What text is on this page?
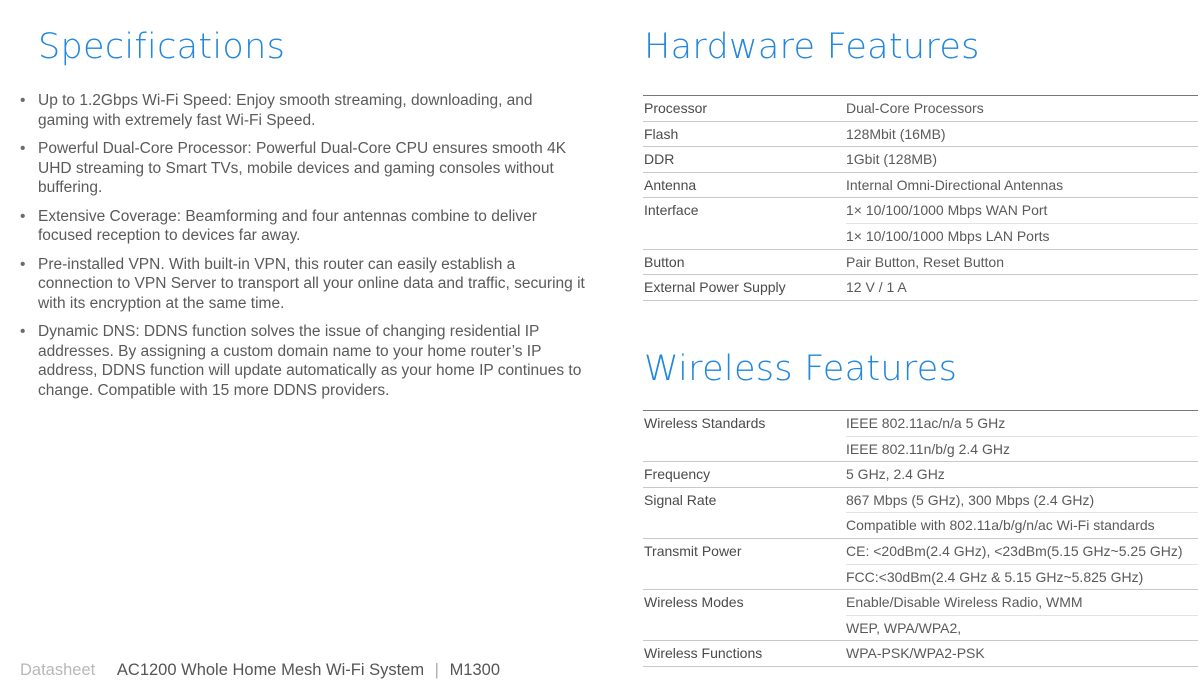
Specifications
• Up to 1.2Gbps Wi-Fi Speed: Enjoy smooth streaming, downloading, and gaming with extremely fast Wi-Fi Speed.
• Powerful Dual-Core Processor: Powerful Dual-Core CPU ensures smooth 4K UHD streaming to Smart TVs, mobile devices and gaming consoles without buffering.
• Extensive Coverage: Beamforming and four antennas combine to deliver focused reception to devices far away.
• Pre-installed VPN. With built-in VPN, this router can easily establish a connection to VPN Server to transport all your online data and traffic, securing it with its encryption at the same time.
• Dynamic DNS: DDNS function solves the issue of changing residential IP addresses. By assigning a custom domain name to your home router’s IP address, DDNS function will update automatically as your home IP continues to change. Compatible with 15 more DDNS providers.
Hardware Features
Processor	Dual-Core Processors
Flash	128Mbit (16MB)
DDR	1Gbit (128MB)
Antenna	Internal Omni-Directional Antennas
Interface	1× 10/100/1000 Mbps WAN Port
1× 10/100/1000 Mbps LAN Ports
Button	Pair Button, Reset Button
External Power Supply	12 V / 1 A
Wireless Features
Wireless Standards	IEEE 802.11ac/n/a 5 GHz
IEEE 802.11n/b/g 2.4 GHz
Frequency	5 GHz, 2.4 GHz
Signal Rate	867 Mbps (5 GHz), 300 Mbps (2.4 GHz)
Compatible with 802.11a/b/g/n/ac Wi-Fi standards
Transmit Power	CE: <20dBm(2.4 GHz), <23dBm(5.15 GHz~5.25 GHz)
FCC:<30dBm(2.4 GHz & 5.15 GHz~5.825 GHz)
Wireless Modes	Enable/Disable Wireless Radio, WMM
WEP, WPA/WPA2,
Wireless Functions	WPA-PSK/WPA2-PSK
Datasheet AC1200 Whole Home Mesh Wi-Fi System | M1300
